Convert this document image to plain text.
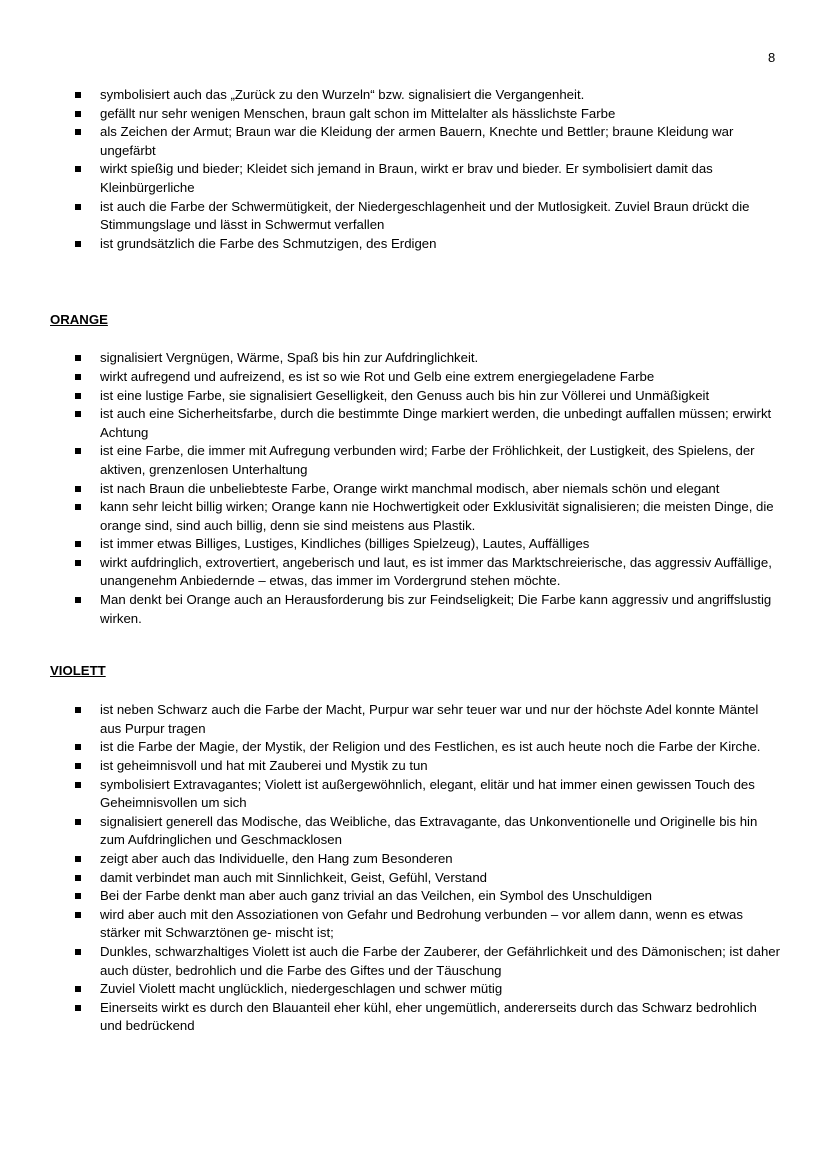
8
symbolisiert auch das „Zurück zu den Wurzeln“ bzw. signalisiert die Vergangenheit.
gefällt nur sehr wenigen Menschen, braun galt schon im Mittelalter als hässlichste Farbe
als Zeichen der Armut; Braun war die Kleidung der armen Bauern, Knechte und Bettler; braune Kleidung war ungefärbt
wirkt spießig und bieder; Kleidet sich jemand in Braun, wirkt er brav und bieder. Er symbolisiert damit das Kleinbürgerliche
ist auch die Farbe der Schwermütigkeit, der Niedergeschlagenheit und der Mutlosigkeit. Zuviel Braun drückt die Stimmungslage und lässt in Schwermut verfallen
ist grundsätzlich die Farbe des Schmutzigen, des Erdigen
ORANGE
signalisiert Vergnügen, Wärme, Spaß bis hin zur Aufdringlichkeit.
wirkt aufregend und aufreizend, es ist so wie Rot und Gelb eine extrem energiegeladene Farbe
ist eine lustige Farbe, sie signalisiert Geselligkeit, den Genuss auch bis hin zur Völlerei und Unmäßigkeit
ist auch eine Sicherheitsfarbe, durch die bestimmte Dinge markiert werden, die unbedingt auffallen müssen; erwirkt Achtung
ist eine Farbe, die immer mit Aufregung verbunden wird; Farbe der Fröhlichkeit, der Lustigkeit, des Spielens, der aktiven, grenzenlosen Unterhaltung
ist nach Braun die unbeliebteste Farbe, Orange wirkt manchmal modisch, aber niemals schön und elegant
kann sehr leicht billig wirken; Orange kann nie Hochwertigkeit oder Exklusivität signalisieren; die meisten Dinge, die orange sind, sind auch billig, denn sie sind meistens aus Plastik.
ist immer etwas Billiges, Lustiges, Kindliches (billiges Spielzeug), Lautes, Auffälliges
wirkt aufdringlich, extrovertiert, angeberisch und laut, es ist immer das Marktschreierische, das aggressiv Auffällige, unangenehm Anbiedernde – etwas, das immer im Vordergrund stehen möchte.
Man denkt bei Orange auch an Herausforderung bis zur Feindseligkeit; Die Farbe kann aggressiv und angriffslustig wirken.
VIOLETT
ist neben Schwarz auch die Farbe der Macht, Purpur war sehr teuer war und nur der höchste Adel konnte Mäntel aus Purpur tragen
ist die Farbe der Magie, der Mystik, der Religion und des Festlichen, es ist auch heute noch die Farbe der Kirche.
ist geheimnisvoll und hat mit Zauberei und Mystik zu tun
symbolisiert Extravagantes; Violett ist außergewöhnlich, elegant, elitär und hat immer einen gewissen Touch des Geheimnisvollen um sich
signalisiert generell das Modische, das Weibliche, das Extravagante, das Unkonventionelle und Originelle bis hin zum Aufdringlichen und Geschmacklosen
zeigt aber auch das Individuelle, den Hang zum Besonderen
damit verbindet man auch mit Sinnlichkeit, Geist, Gefühl, Verstand
Bei der Farbe denkt man aber auch ganz trivial an das Veilchen, ein Symbol des Unschuldigen
wird aber auch mit den Assoziationen von Gefahr und Bedrohung verbunden – vor allem dann, wenn es etwas stärker mit Schwarztönen ge- mischt ist;
Dunkles, schwarzhaltiges Violett ist auch die Farbe der Zauberer, der Gefährlichkeit und des Dämonischen; ist daher auch düster, bedrohlich und die Farbe des Giftes und der Täuschung
Zuviel Violett macht unglücklich, niedergeschlagen und schwer mütig
Einerseits wirkt es durch den Blauanteil eher kühl, eher ungemütlich, andererseits durch das Schwarz bedrohlich und bedrückend
